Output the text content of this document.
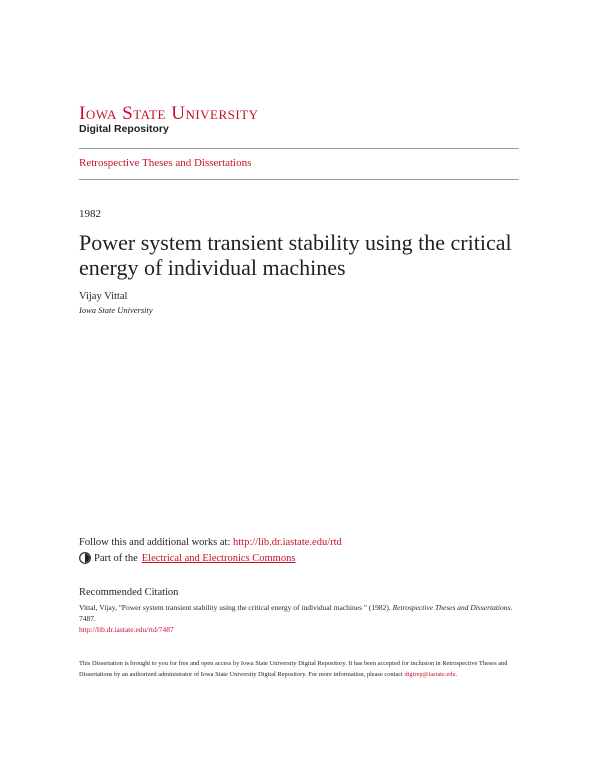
Iowa State University
Digital Repository
Retrospective Theses and Dissertations
1982
Power system transient stability using the critical energy of individual machines
Vijay Vittal
Iowa State University
Follow this and additional works at: http://lib.dr.iastate.edu/rtd
Part of the Electrical and Electronics Commons
Recommended Citation
Vittal, Vijay, "Power system transient stability using the critical energy of individual machines " (1982). Retrospective Theses and Dissertations. 7487.
http://lib.dr.iastate.edu/rtd/7487
This Dissertation is brought to you for free and open access by Iowa State University Digital Repository. It has been accepted for inclusion in Retrospective Theses and Dissertations by an authorized administrator of Iowa State University Digital Repository. For more information, please contact digirep@iastate.edu.
